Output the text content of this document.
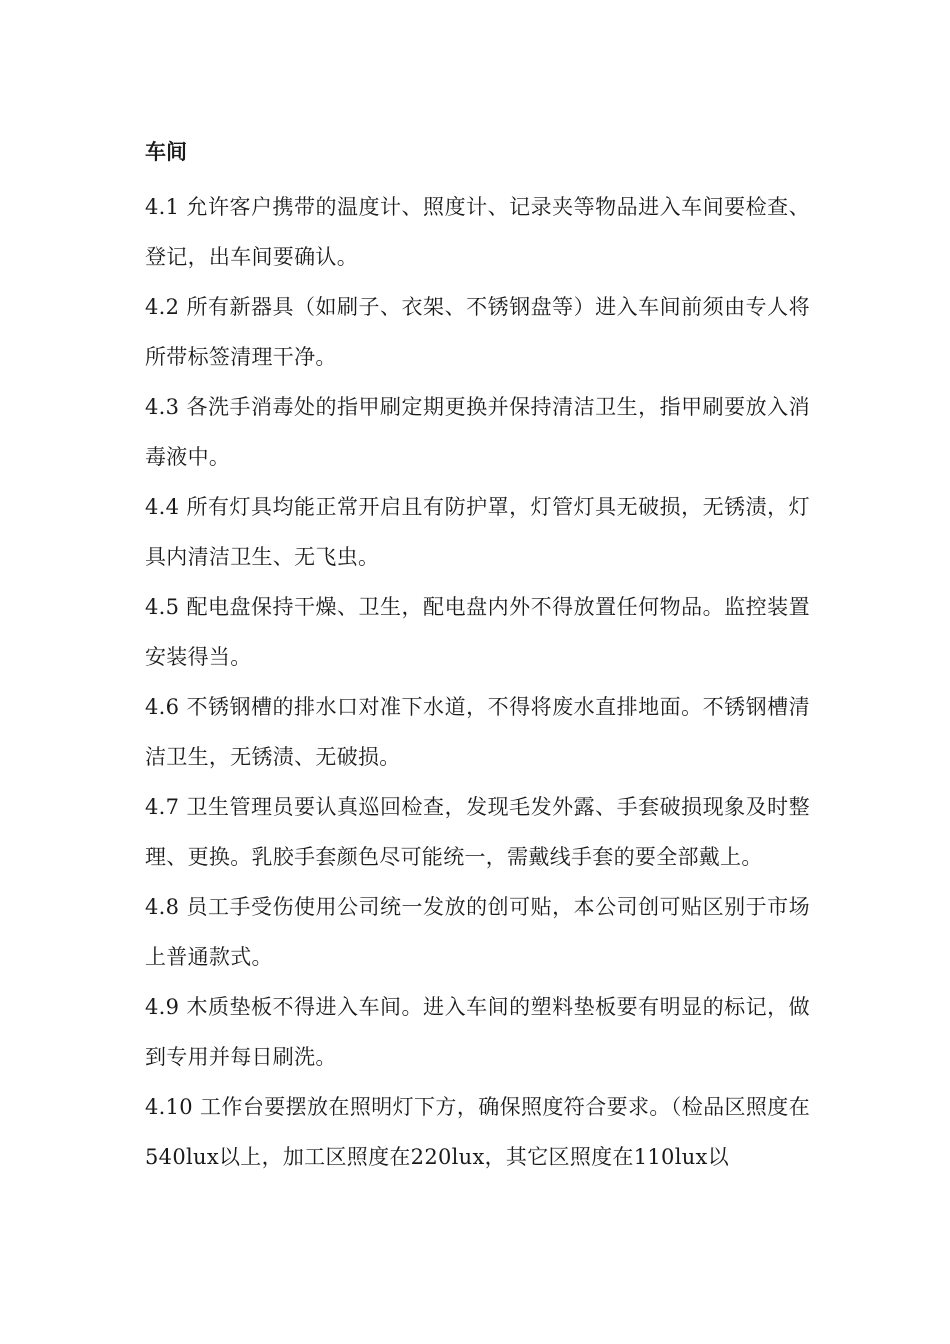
车间

4.1 允许客户携带的温度计、照度计、记录夹等物品进入车间要检查、登记，出车间要确认。

4.2 所有新器具（如刷子、衣架、不锈钢盘等）进入车间前须由专人将所带标签清理干净。

4.3 各洗手消毒处的指甲刷定期更换并保持清洁卫生，指甲刷要放入消毒液中。

4.4 所有灯具均能正常开启且有防护罩，灯管灯具无破损，无锈渍，灯具内清洁卫生、无飞虫。

4.5 配电盘保持干燥、卫生，配电盘内外不得放置任何物品。监控装置安装得当。

4.6 不锈钢槽的排水口对准下水道，不得将废水直排地面。不锈钢槽清洁卫生，无锈渍、无破损。

4.7 卫生管理员要认真巡回检查，发现毛发外露、手套破损现象及时整理、更换。乳胶手套颜色尽可能统一，需戴线手套的要全部戴上。

4.8 员工手受伤使用公司统一发放的创可贴，本公司创可贴区别于市场上普通款式。

4.9 木质垫板不得进入车间。进入车间的塑料垫板要有明显的标记，做到专用并每日刷洗。

4.10 工作台要摆放在照明灯下方，确保照度符合要求。（检品区照度在540lux以上，加工区照度在220lux，其它区照度在110lux以
